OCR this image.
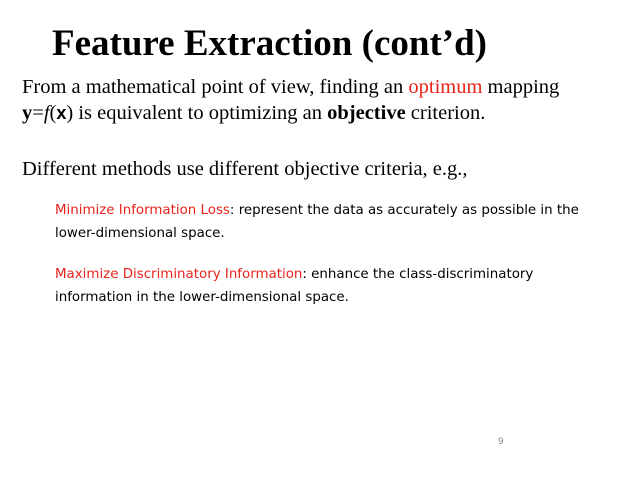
Feature Extraction (cont’d)
From a mathematical point of view, finding an optimum mapping
y=f(x) is equivalent to optimizing an objective criterion.
Different methods use different objective criteria, e.g.,
Minimize Information Loss: represent the data as accurately as possible in the lower-dimensional space.
Maximize Discriminatory Information: enhance the class-discriminatory information in the lower-dimensional space.
9
